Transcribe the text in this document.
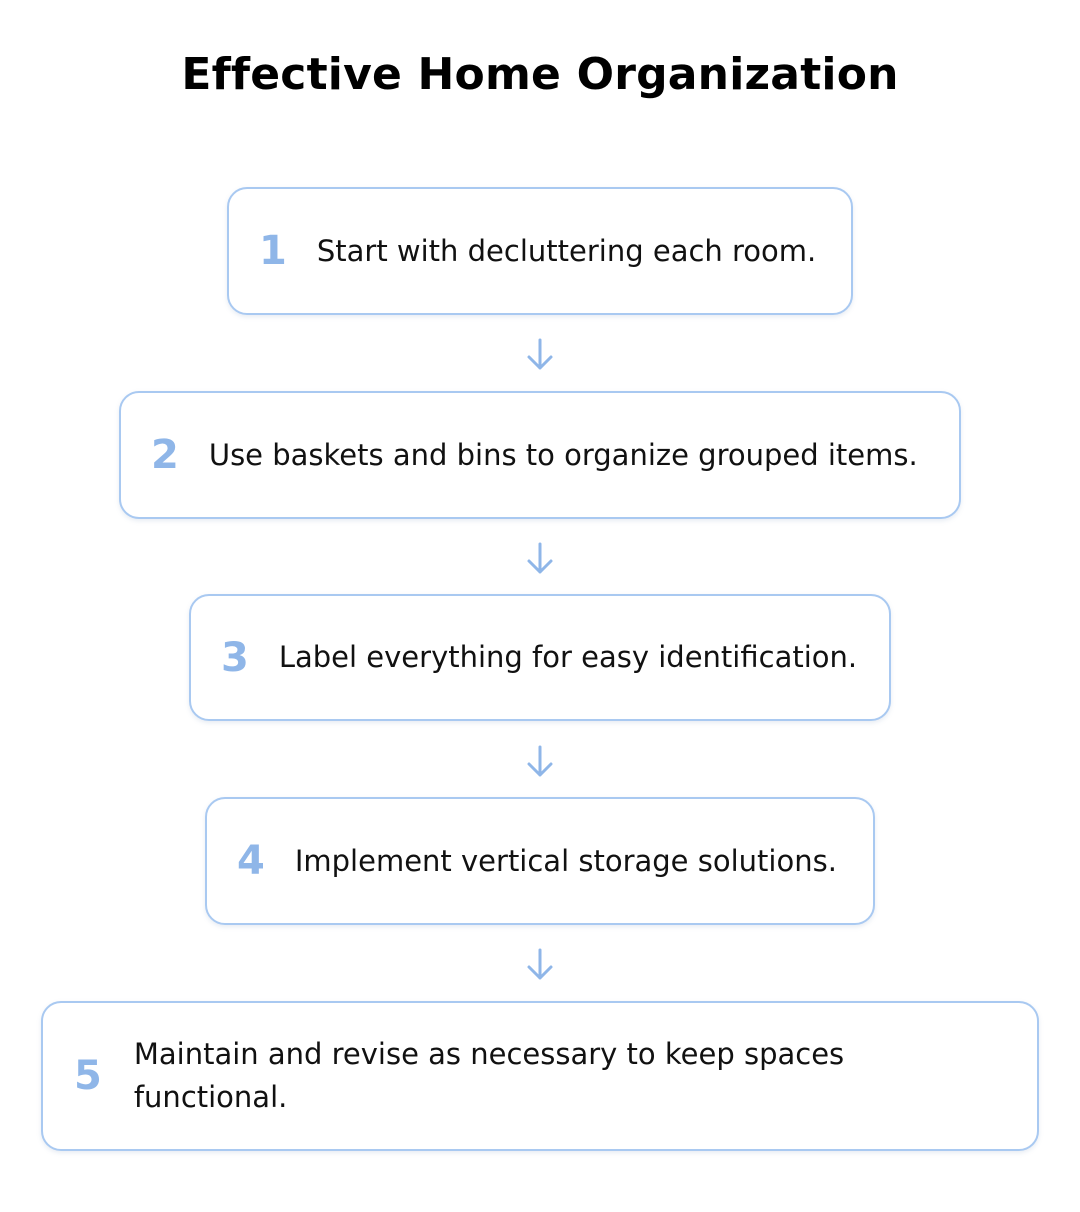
Effective Home Organization
1 Start with decluttering each room.
2 Use baskets and bins to organize grouped items.
3 Label everything for easy identification.
4 Implement vertical storage solutions.
5 Maintain and revise as necessary to keep spaces functional.
